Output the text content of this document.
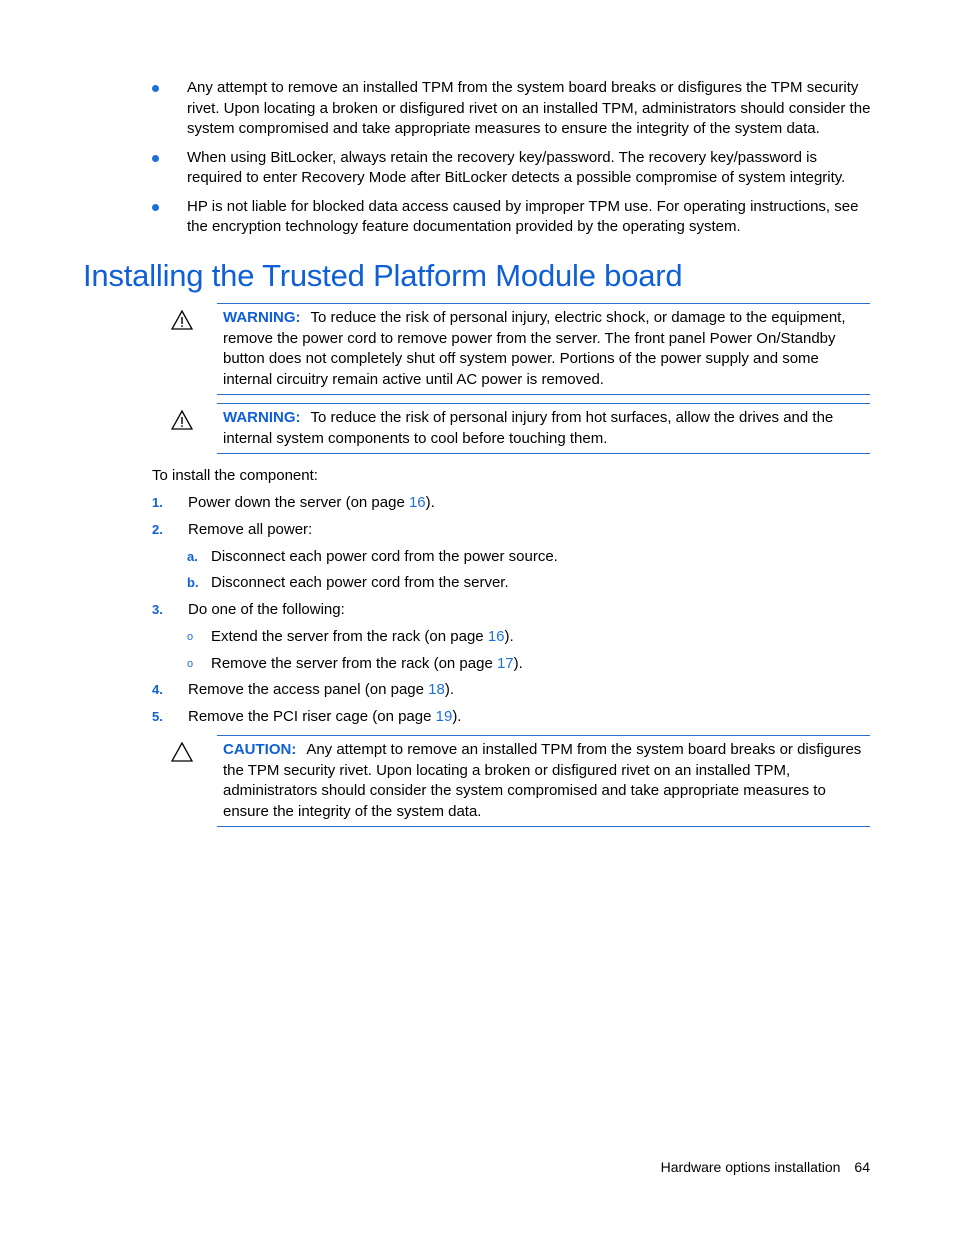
Any attempt to remove an installed TPM from the system board breaks or disfigures the TPM security rivet. Upon locating a broken or disfigured rivet on an installed TPM, administrators should consider the system compromised and take appropriate measures to ensure the integrity of the system data.
When using BitLocker, always retain the recovery key/password. The recovery key/password is required to enter Recovery Mode after BitLocker detects a possible compromise of system integrity.
HP is not liable for blocked data access caused by improper TPM use. For operating instructions, see the encryption technology feature documentation provided by the operating system.
Installing the Trusted Platform Module board
WARNING: To reduce the risk of personal injury, electric shock, or damage to the equipment, remove the power cord to remove power from the server. The front panel Power On/Standby button does not completely shut off system power. Portions of the power supply and some internal circuitry remain active until AC power is removed.
WARNING: To reduce the risk of personal injury from hot surfaces, allow the drives and the internal system components to cool before touching them.
To install the component:
1. Power down the server (on page 16).
2. Remove all power:
a. Disconnect each power cord from the power source.
b. Disconnect each power cord from the server.
3. Do one of the following:
o Extend the server from the rack (on page 16).
o Remove the server from the rack (on page 17).
4. Remove the access panel (on page 18).
5. Remove the PCI riser cage (on page 19).
CAUTION: Any attempt to remove an installed TPM from the system board breaks or disfigures the TPM security rivet. Upon locating a broken or disfigured rivet on an installed TPM, administrators should consider the system compromised and take appropriate measures to ensure the integrity of the system data.
Hardware options installation 64
